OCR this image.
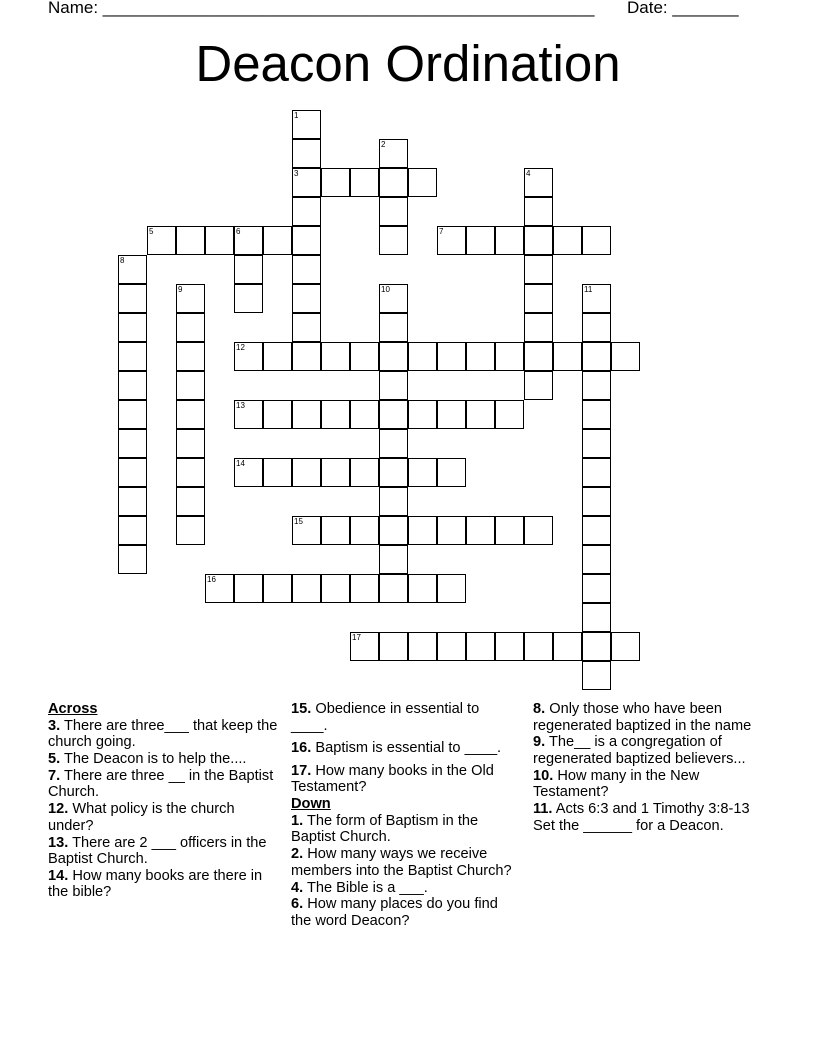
Name: ____________________________________________________ Date: _______
Deacon Ordination
3
5	6	7
12
13
14
15
16
17
1
2
4
8
9	10	11
Across

3. There are three___ that keep the church going.

5. The Deacon is to help the....

7. There are three __ in the Baptist Church.

12. What policy is the church under?

13. There are 2 ___ officers in the Baptist Church.

14. How many books are there in the bible?

15. Obedience in essential to ____.

16. Baptism is essential to ____.

17. How many books in the Old Testament?

Down

1. The form of Baptism in the Baptist Church.

2. How many ways we receive members into the Baptist Church?

4. The Bible is a ___.

6. How many places do you find the word Deacon?

8. Only those who have been regenerated baptized in the name

9. The__ is a congregation of regenerated baptized believers...

10. How many in the New Testament?

11. Acts 6:3 and 1 Timothy 3:8-13 Set the ______ for a Deacon.
